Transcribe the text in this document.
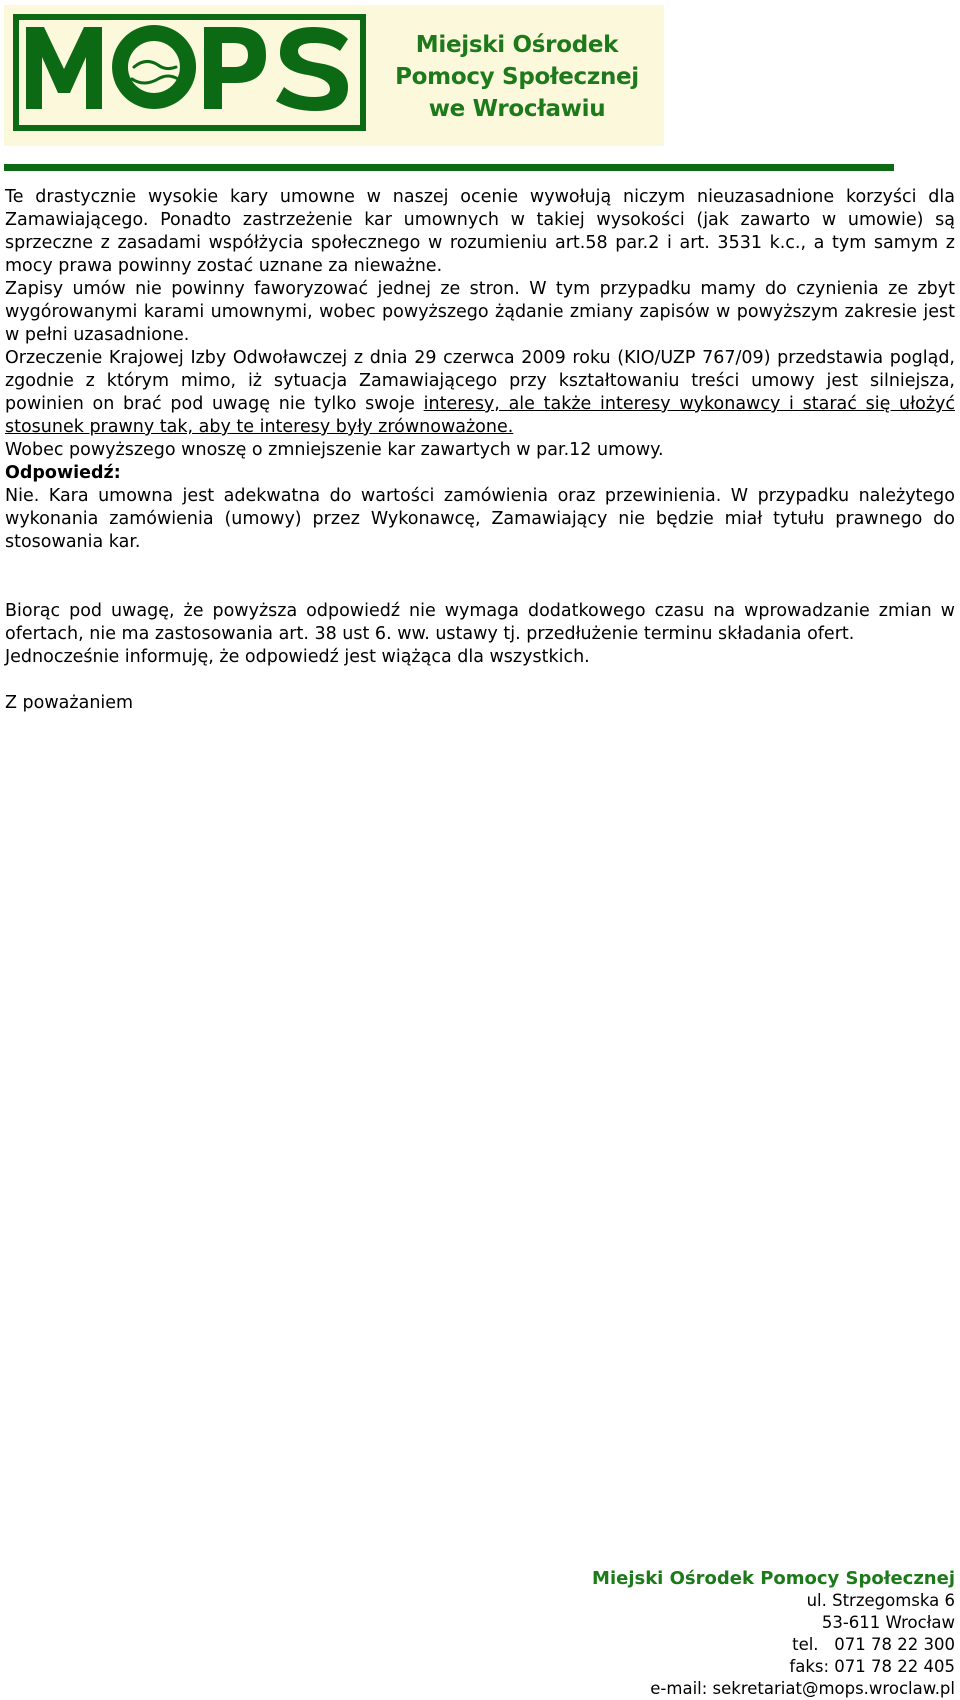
Miejski Ośrodek
Pomocy Społecznej
we Wrocławiu

Te drastycznie wysokie kary umowne w naszej ocenie wywołują niczym nieuzasadnione korzyści dla Zamawiającego. Ponadto zastrzeżenie kar umownych w takiej wysokości (jak zawarto w umowie) są sprzeczne z zasadami współżycia społecznego w rozumieniu art.58 par.2 i art. 3531 k.c., a tym samym z mocy prawa powinny zostać uznane za nieważne.

Zapisy umów nie powinny faworyzować jednej ze stron. W tym przypadku mamy do czynienia ze zbyt wygórowanymi karami umownymi, wobec powyższego żądanie zmiany zapisów w powyższym zakresie jest w pełni uzasadnione.

Orzeczenie Krajowej Izby Odwoławczej z dnia 29 czerwca 2009 roku (KIO/UZP 767/09) przedstawia pogląd, zgodnie z którym mimo, iż sytuacja Zamawiającego przy kształtowaniu treści umowy jest silniejsza, powinien on brać pod uwagę nie tylko swoje interesy, ale także interesy wykonawcy i starać się ułożyć stosunek prawny tak, aby te interesy były zrównoważone.

Wobec powyższego wnoszę o zmniejszenie kar zawartych w par.12 umowy.

Odpowiedź:

Nie. Kara umowna jest adekwatna do wartości zamówienia oraz przewinienia. W przypadku należytego wykonania zamówienia (umowy) przez Wykonawcę, Zamawiający nie będzie miał tytułu prawnego do stosowania kar.

Biorąc pod uwagę, że powyższa odpowiedź nie wymaga dodatkowego czasu na wprowadzanie zmian w ofertach, nie ma zastosowania art. 38 ust 6. ww. ustawy tj. przedłużenie terminu składania ofert.

Jednocześnie informuję, że odpowiedź jest wiążąca dla wszystkich.

Z poważaniem

Miejski Ośrodek Pomocy Społecznej
ul. Strzegomska 6
53-611 Wrocław
tel.   071 78 22 300
faks: 071 78 22 405
e-mail: sekretariat@mops.wroclaw.pl
